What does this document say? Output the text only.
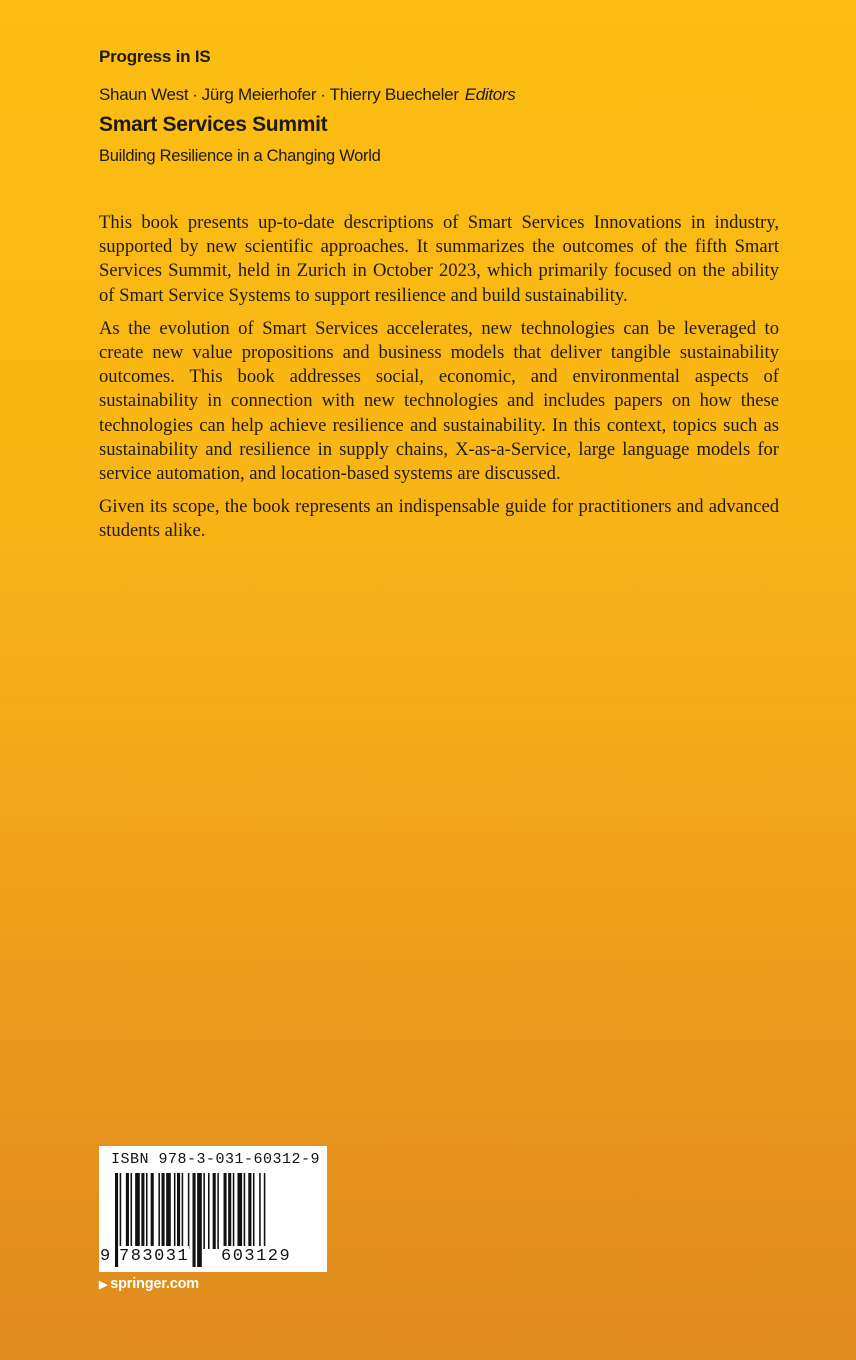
Progress in IS
Shaun West · Jürg Meierhofer · Thierry Buecheler Editors
Smart Services Summit
Building Resilience in a Changing World

This book presents up-to-date descriptions of Smart Services Innovations in industry, supported by new scientific approaches. It summarizes the outcomes of the fifth Smart Services Summit, held in Zurich in October 2023, which primarily focused on the ability of Smart Service Systems to support resilience and build sustainability.

As the evolution of Smart Services accelerates, new technologies can be leveraged to create new value propositions and business models that deliver tangible sustainability outcomes. This book addresses social, economic, and environmental aspects of sustainability in connection with new technologies and includes papers on how these technologies can help achieve resilience and sustainability. In this context, topics such as sustainability and resilience in supply chains, X-as-a-Service, large language models for service automation, and location-based systems are discussed.

Given its scope, the book represents an indispensable guide for practitioners and advanced students alike.

ISBN 978-3-031-60312-9
9 783031 603129
▶ springer.com
